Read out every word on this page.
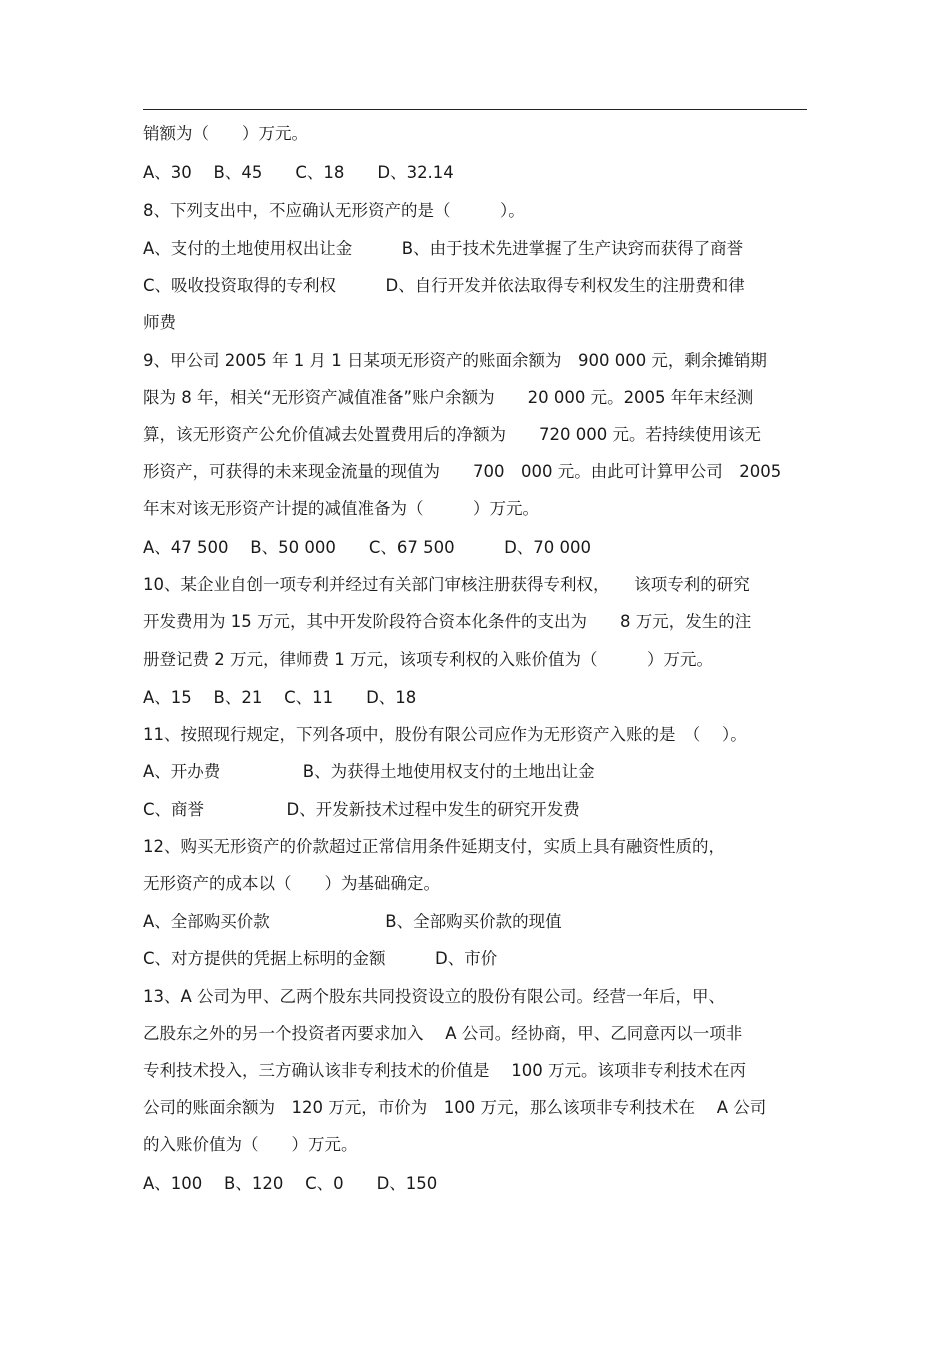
销额为（　　）万元。
A、30　 B、45　　C、18　　D、32.14
8、下列支出中，不应确认无形资产的是（　　　）。
A、支付的土地使用权出让金　　　B、由于技术先进掌握了生产诀窍而获得了商誉
C、吸收投资取得的专利权　　　D、自行开发并依法取得专利权发生的注册费和律
师费
9、甲公司 2005 年 1 月 1 日某项无形资产的账面余额为　900 000 元，剩余摊销期
限为 8 年，相关“无形资产减值准备”账户余额为　　20 000 元。2005 年年末经测
算，该无形资产公允价值减去处置费用后的净额为　　720 000 元。若持续使用该无
形资产，可获得的未来现金流量的现值为　　700　000 元。由此可计算甲公司　2005
年末对该无形资产计提的减值准备为（　　　）万元。
A、47 500　 B、50 000　　C、67 500　　　D、70 000
10、某企业自创一项专利并经过有关部门审核注册获得专利权，　　该项专利的研究
开发费用为 15 万元，其中开发阶段符合资本化条件的支出为　　8 万元，发生的注
册登记费 2 万元，律师费 1 万元，该项专利权的入账价值为（　　　）万元。
A、15　 B、21　 C、11　　D、18
11、按照现行规定，下列各项中，股份有限公司应作为无形资产入账的是　（　 ）。
A、开办费　　　　　B、为获得土地使用权支付的土地出让金
C、商誉　　　　　D、开发新技术过程中发生的研究开发费
12、购买无形资产的价款超过正常信用条件延期支付，实质上具有融资性质的，
无形资产的成本以（　　）为基础确定。
A、全部购买价款　　　　　　　B、全部购买价款的现值
C、对方提供的凭据上标明的金额　　　D、市价
13、A 公司为甲、乙两个股东共同投资设立的股份有限公司。经营一年后，甲、
乙股东之外的另一个投资者丙要求加入　 A 公司。经协商，甲、乙同意丙以一项非
专利技术投入，三方确认该非专利技术的价值是　 100 万元。该项非专利技术在丙
公司的账面余额为　120 万元，市价为　100 万元，那么该项非专利技术在　 A 公司
的入账价值为（　　）万元。
A、100　 B、120　 C、0　　D、150
